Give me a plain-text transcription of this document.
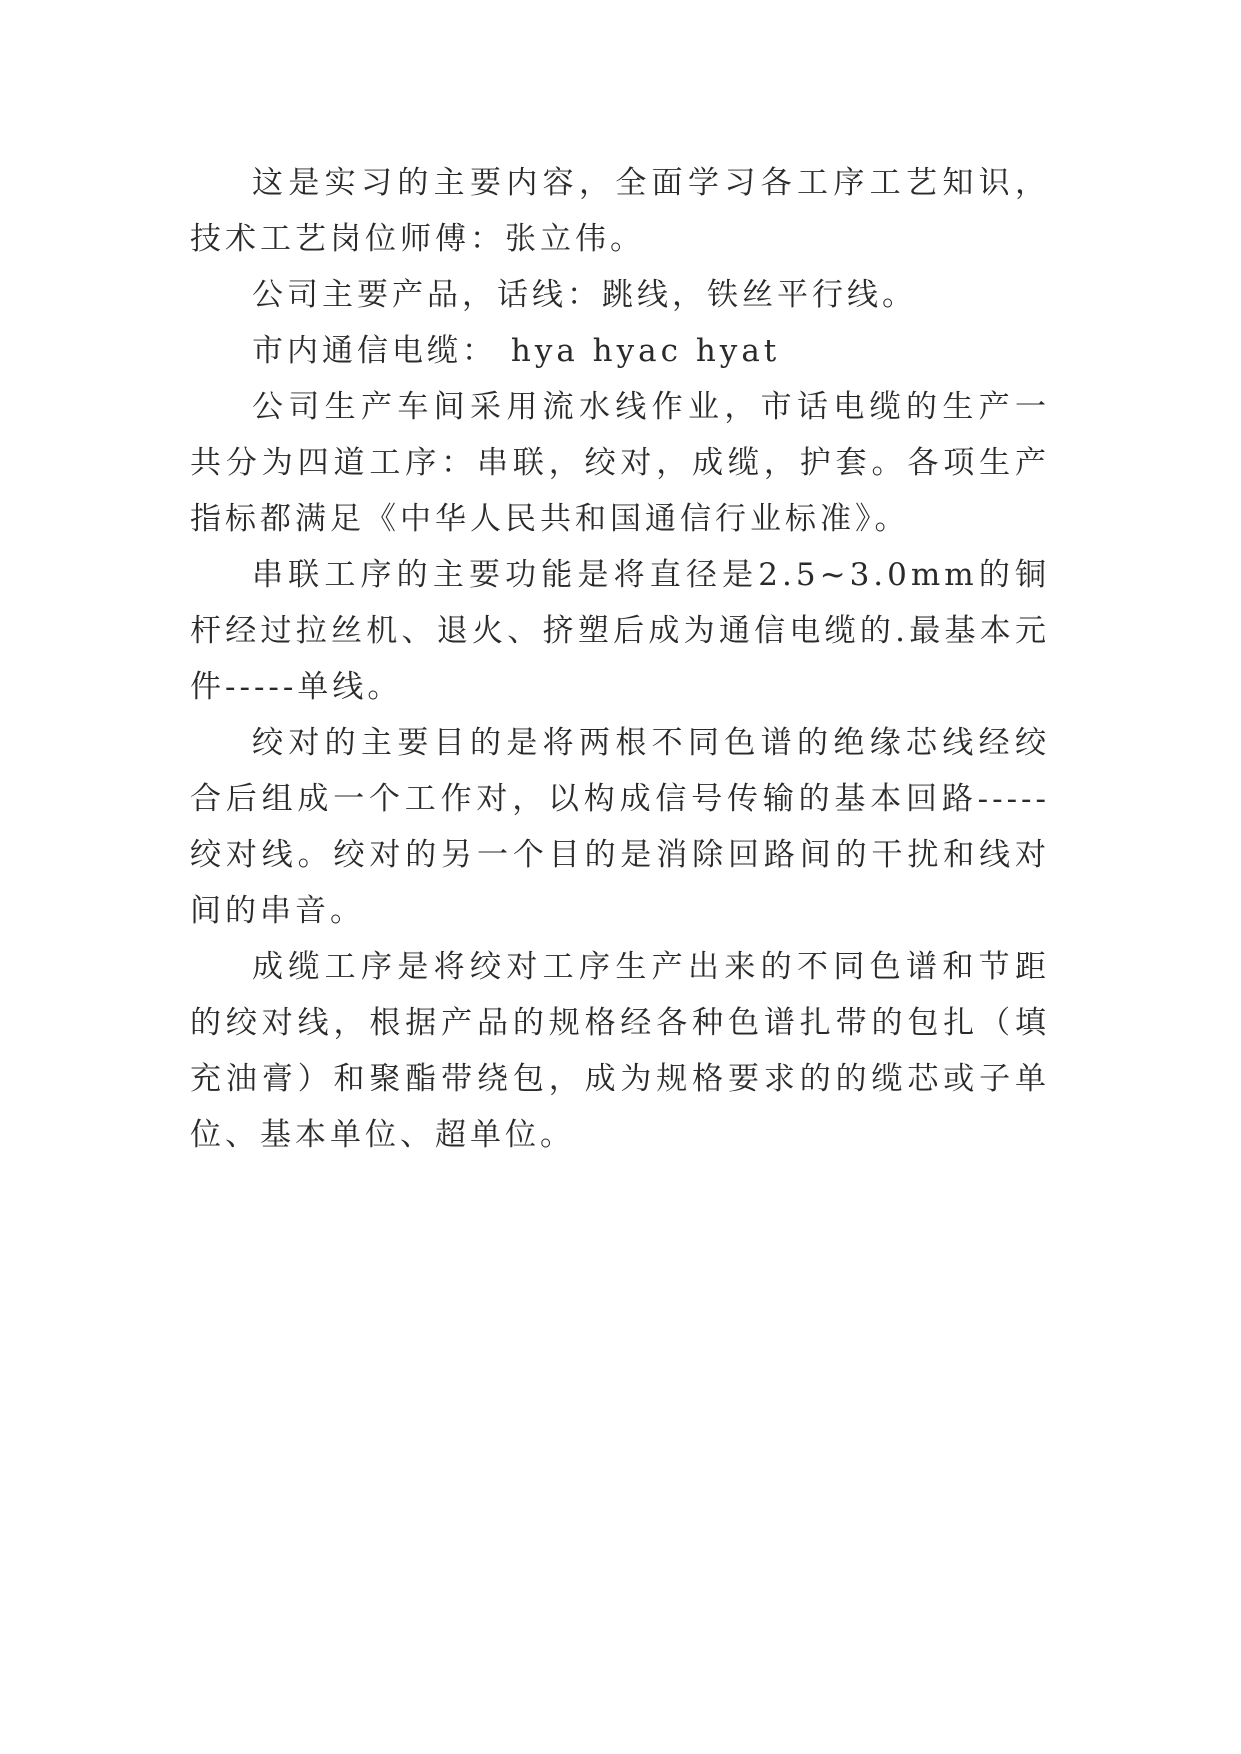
这是实习的主要内容，全面学习各工序工艺知识，技术工艺岗位师傅：张立伟。

公司主要产品，话线：跳线，铁丝平行线。

市内通信电缆： hya hyac hyat

公司生产车间采用流水线作业，市话电缆的生产一共分为四道工序：串联，绞对，成缆，护套。各项生产指标都满足《中华人民共和国通信行业标准》。

串联工序的主要功能是将直径是2.5~3.0mm的铜杆经过拉丝机、退火、挤塑后成为通信电缆的.最基本元件-----单线。

绞对的主要目的是将两根不同色谱的绝缘芯线经绞合后组成一个工作对，以构成信号传输的基本回路-----绞对线。绞对的另一个目的是消除回路间的干扰和线对间的串音。

成缆工序是将绞对工序生产出来的不同色谱和节距的绞对线，根据产品的规格经各种色谱扎带的包扎（填充油膏）和聚酯带绕包，成为规格要求的的缆芯或子单位、基本单位、超单位。
